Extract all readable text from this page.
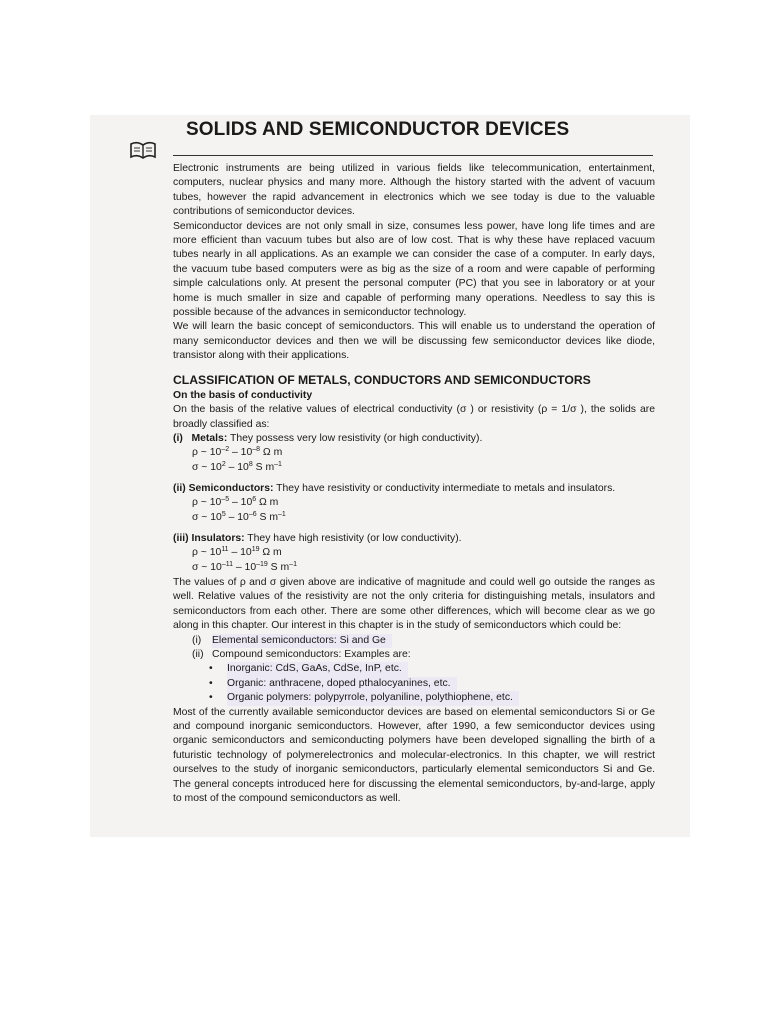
SOLIDS AND SEMICONDUCTOR DEVICES

Electronic instruments are being utilized in various fields like telecommunication, entertainment, computers, nuclear physics and many more. Although the history started with the advent of vacuum tubes, however the rapid advancement in electronics which we see today is due to the valuable contributions of semiconductor devices.

Semiconductor devices are not only small in size, consumes less power, have long life times and are more efficient than vacuum tubes but also are of low cost. That is why these have replaced vacuum tubes nearly in all applications. As an example we can consider the case of a computer. In early days, the vacuum tube based computers were as big as the size of a room and were capable of performing simple calculations only. At present the personal computer (PC) that you see in laboratory or at your home is much smaller in size and capable of performing many operations. Needless to say this is possible because of the advances in semiconductor technology.

We will learn the basic concept of semiconductors. This will enable us to understand the operation of many semiconductor devices and then we will be discussing few semiconductor devices like diode, transistor along with their applications.

CLASSIFICATION OF METALS, CONDUCTORS AND SEMICONDUCTORS
On the basis of conductivity

On the basis of the relative values of electrical conductivity (σ ) or resistivity (ρ = 1/σ ), the solids are broadly classified as:

(i) Metals: They possess very low resistivity (or high conductivity).

ρ ~ $10^{-2} - 10^{-8}$ Ω m
σ ~ $10^2 - 10^8$ S $m^{-1}$

(ii) Semiconductors: They have resistivity or conductivity intermediate to metals and insulators.

ρ ~ $10^{-5} - 10^6$ Ω m
σ ~ $10^5 - 10^{-6}$ S $m^{-1}$

(iii) Insulators: They have high resistivity (or low conductivity).

ρ ~ $10^{11} - 10^{19}$ Ω m
σ ~ $10^{-11} - 10^{-19}$ S $m^{-1}$

The values of ρ and σ given above are indicative of magnitude and could well go outside the ranges as well. Relative values of the resistivity are not the only criteria for distinguishing metals, insulators and semiconductors from each other. There are some other differences, which will become clear as we go along in this chapter. Our interest in this chapter is in the study of semiconductors which could be:

(i)	Elemental semiconductors: Si and Ge
(ii) Compound semiconductors: Examples are:
•	Inorganic: CdS, GaAs, CdSe, InP, etc.
•	Organic: anthracene, doped pthalocyanines, etc.
•	Organic polymers: polypyrrole, polyaniline, polythiophene, etc.

Most of the currently available semiconductor devices are based on elemental semiconductors Si or Ge and compound inorganic semiconductors. However, after 1990, a few semiconductor devices using organic semiconductors and semiconducting polymers have been developed signalling the birth of a futuristic technology of polymerelectronics and molecular-electronics. In this chapter, we will restrict ourselves to the study of inorganic semiconductors, particularly elemental semiconductors Si and Ge. The general concepts introduced here for discussing the elemental semiconductors, by-and-large, apply to most of the compound semiconductors as well.
